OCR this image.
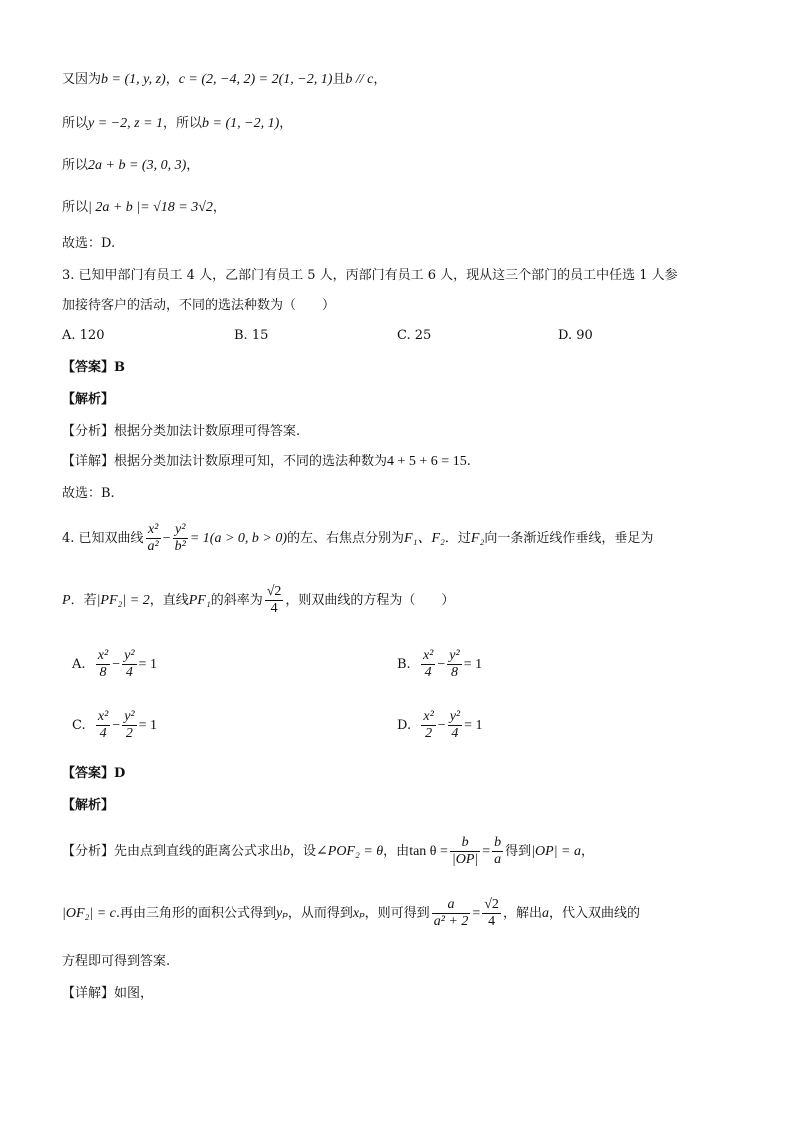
又因为b = (1, y, z)，c = (2, −4, 2) = 2(1, −2, 1)且b // c，
所以y = −2, z = 1，所以b = (1, −2, 1)，
所以2a + b = (3, 0, 3)，
所以| 2a + b |= √18 = 3√2，
故选：D.
3. 已知甲部门有员工 4 人，乙部门有员工 5 人，丙部门有员工 6 人，现从这三个部门的员工中任选 1 人参
加接待客户的活动，不同的选法种数为（　　）
A. 120	B. 15	C. 25	D. 90
【答案】B
【解析】
【分析】根据分类加法计数原理可得答案.
【详解】根据分类加法计数原理可知，不同的选法种数为4 + 5 + 6 = 15.
故选：B.
4. 已知双曲线 $\frac{\text{x²}}{\text{a²}} - \frac{\text{y²}}{\text{b²}} = 1(a > 0$, b > 0)的左、右焦点分别为F₁、F₂．过F₂向一条渐近线作垂线，垂足为
P．若|PF₂| = 2，直线PF₁的斜率为 $\frac{√2}{4}$ ，则双曲线的方程为（　　）
A. $\frac{\text{x²}}{8} - \frac{\text{y²}}{4} = 1$	B. $\frac{\text{x²}}{4} - \frac{\text{y²}}{8} = 1$
C. $\frac{\text{x²}}{4} - \frac{\text{y²}}{2} = 1$	D. $\frac{\text{x²}}{2} - \frac{\text{y²}}{4} = 1$
【答案】D
【解析】
【分析】先由点到直线的距离公式求出b，设∠POF₂ = θ，由$\tan \theta = \frac{b}{|OP|} = \frac{b}{a}$ 得到|OP| = a，
|OF₂| = c.再由三角形的面积公式得到yₚ，从而得到xₚ，则可得到 $\frac{a}{\text{a² + 2}} = \frac{√2}{4}$ ，解出a，代入双曲线的
方程即可得到答案.
【详解】如图，
